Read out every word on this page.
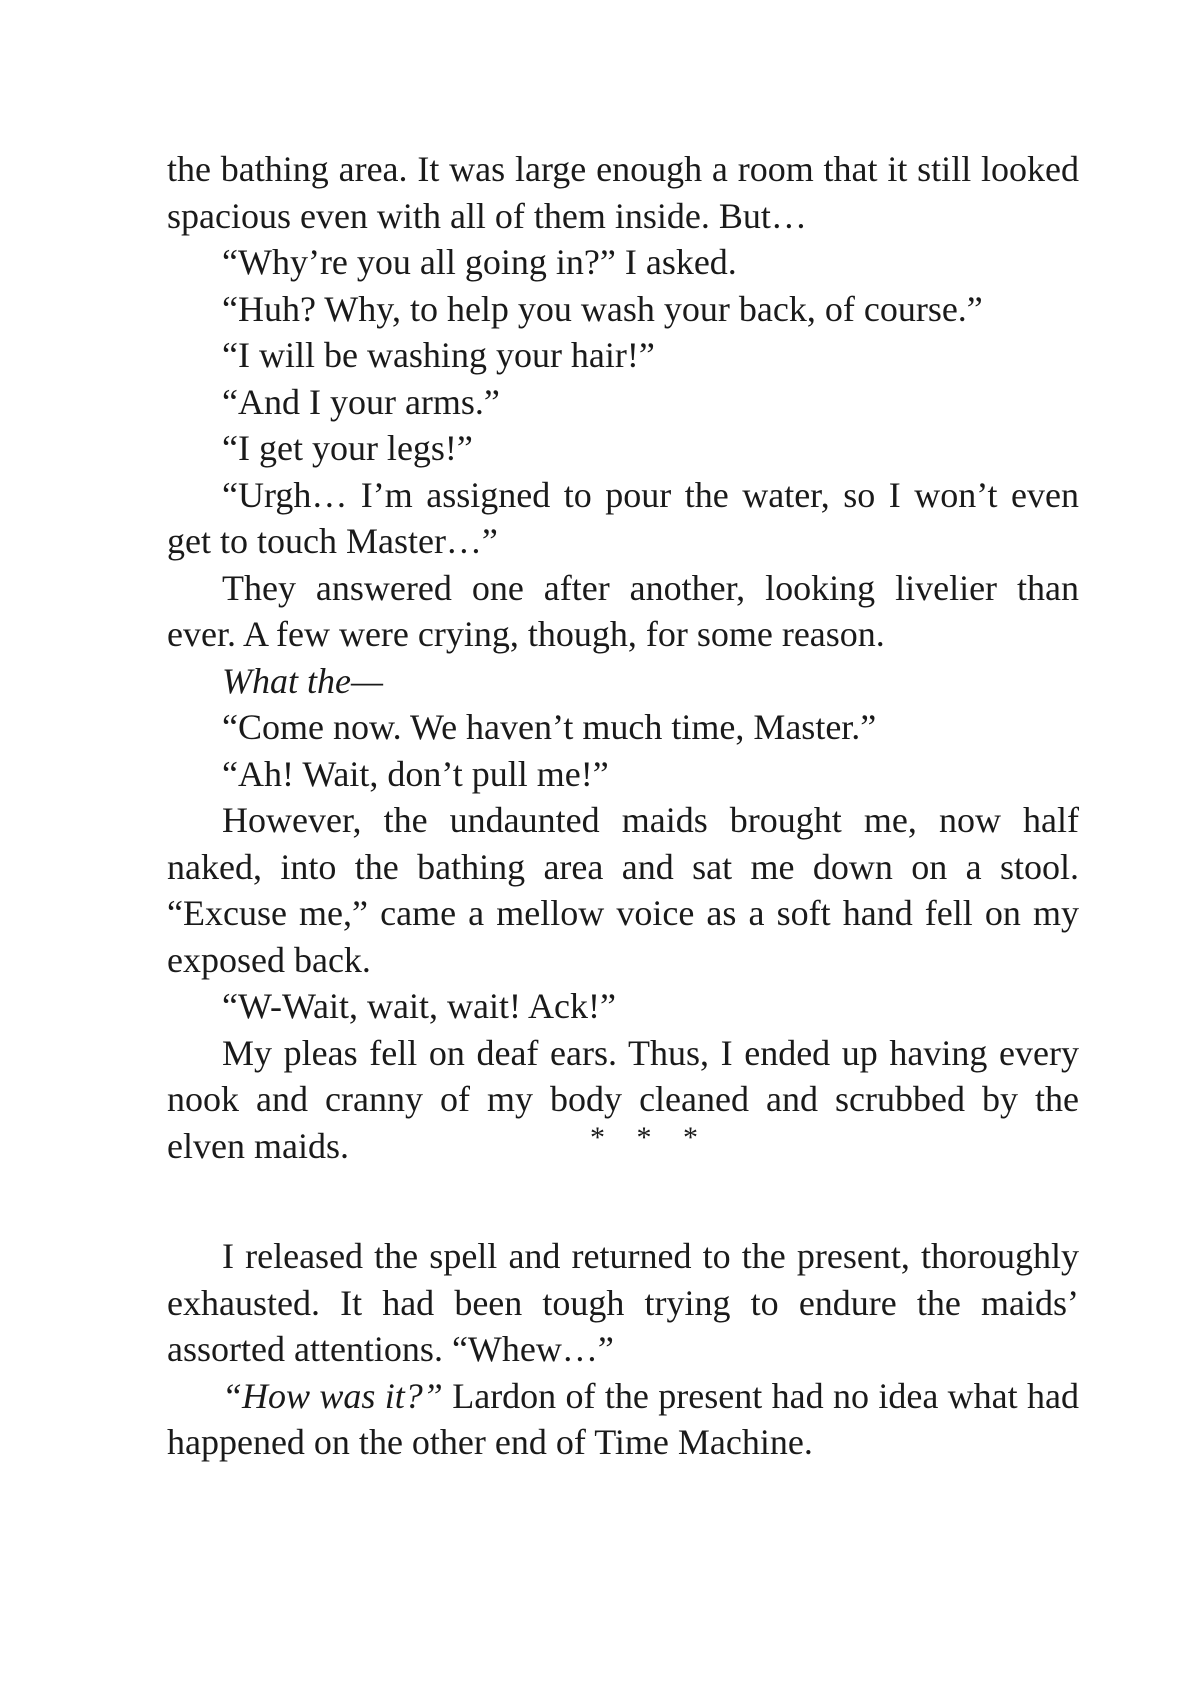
the bathing area. It was large enough a room that it still looked spacious even with all of them inside. But…

“Why’re you all going in?” I asked.

“Huh? Why, to help you wash your back, of course.”

“I will be washing your hair!”

“And I your arms.”

“I get your legs!”

“Urgh… I’m assigned to pour the water, so I won’t even get to touch Master…”

They answered one after another, looking livelier than ever. A few were crying, though, for some reason.

What the—

“Come now. We haven’t much time, Master.”

“Ah! Wait, don’t pull me!”

However, the undaunted maids brought me, now half naked, into the bathing area and sat me down on a stool. “Excuse me,” came a mellow voice as a soft hand fell on my exposed back.

“W-Wait, wait, wait! Ack!”

My pleas fell on deaf ears. Thus, I ended up having every nook and cranny of my body cleaned and scrubbed by the elven maids.	* * *

I released the spell and returned to the present, thoroughly exhausted. It had been tough trying to endure the maids’ assorted attentions. “Whew…”

“How was it?” Lardon of the present had no idea what had happened on the other end of Time Machine.
